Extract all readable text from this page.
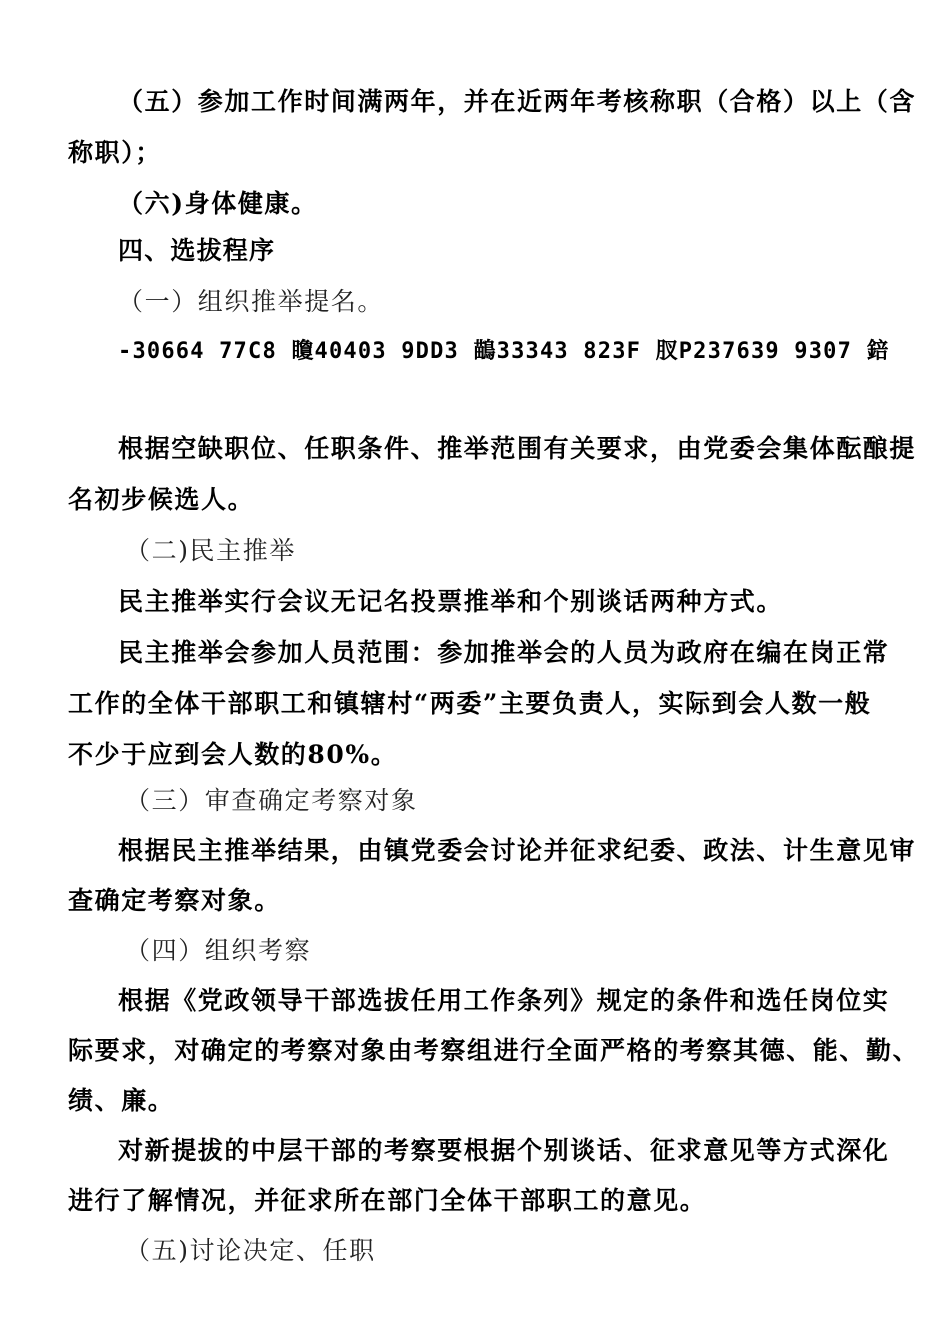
（五）参加工作时间满两年，并在近两年考核称职（合格）以上（含
称职）；
（六)身体健康。
四、选拔程序
（一）组织推举提名。
-30664 77C8 矎40403 9DD3 鶓33343 823F 肞P237639 9307 錇
根据空缺职位、任职条件、推举范围有关要求，由党委会集体酝酿提
名初步候选人。
（二)民主推举
民主推举实行会议无记名投票推举和个别谈话两种方式。
民主推举会参加人员范围：参加推举会的人员为政府在编在岗正常
工作的全体干部职工和镇辖村“两委”主要负责人，实际到会人数一般
不少于应到会人数的80%。
（三）审查确定考察对象
根据民主推举结果，由镇党委会讨论并征求纪委、政法、计生意见审
查确定考察对象。
（四）组织考察
根据《党政领导干部选拔任用工作条列》规定的条件和选任岗位实
际要求，对确定的考察对象由考察组进行全面严格的考察其德、能、勤、
绩、廉。
对新提拔的中层干部的考察要根据个别谈话、征求意见等方式深化
进行了解情况，并征求所在部门全体干部职工的意见。
（五)讨论决定、任职
